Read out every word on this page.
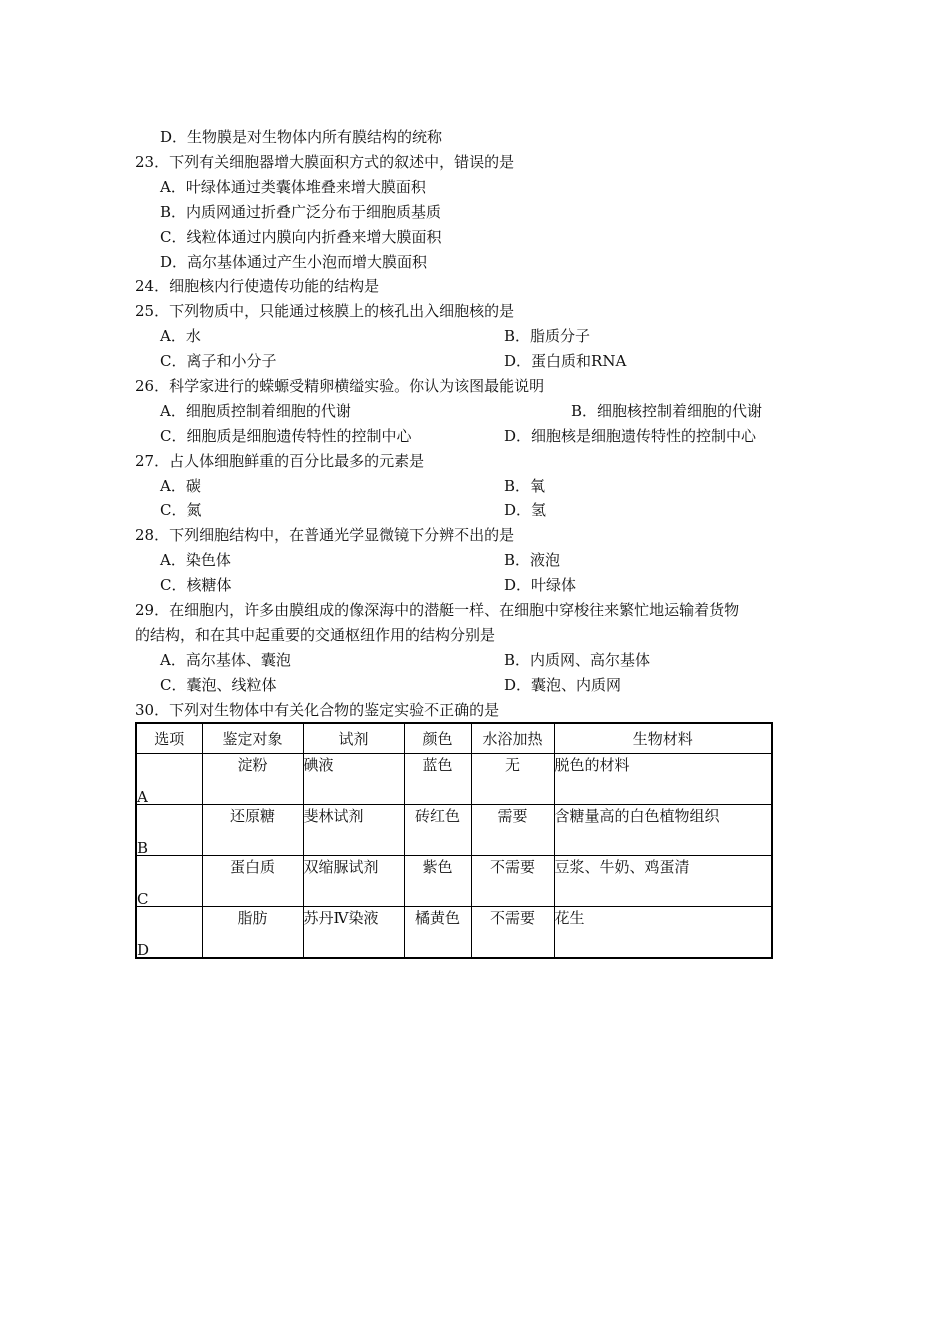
D．生物膜是对生物体内所有膜结构的统称
23．下列有关细胞器增大膜面积方式的叙述中，错误的是
A．叶绿体通过类囊体堆叠来增大膜面积
B．内质网通过折叠广泛分布于细胞质基质
C．线粒体通过内膜向内折叠来增大膜面积
D．高尔基体通过产生小泡而增大膜面积
24．细胞核内行使遗传功能的结构是
25．下列物质中，只能通过核膜上的核孔出入细胞核的是
A．水	B．脂质分子
C．离子和小分子	D．蛋白质和RNA
26．科学家进行的蝾螈受精卵横缢实验。你认为该图最能说明
A．细胞质控制着细胞的代谢	B．细胞核控制着细胞的代谢
C．细胞质是细胞遗传特性的控制中心	D．细胞核是细胞遗传特性的控制中心
27．占人体细胞鲜重的百分比最多的元素是
A．碳	B．氧
C．氮	D．氢
28．下列细胞结构中，在普通光学显微镜下分辨不出的是
A．染色体	B．液泡
C．核糖体	D．叶绿体
29．在细胞内，许多由膜组成的像深海中的潜艇一样、在细胞中穿梭往来繁忙地运输着货物
的结构，和在其中起重要的交通枢纽作用的结构分别是
A．高尔基体、囊泡	B．内质网、高尔基体
C．囊泡、线粒体	D．囊泡、内质网
30．下列对生物体中有关化合物的鉴定实验不正确的是
选项	鉴定对象	试剂	颜色	水浴加热	生物材料
A	淀粉	碘液	蓝色	无	脱色的材料
B	还原糖	斐林试剂	砖红色	需要	含糖量高的白色植物组织
C	蛋白质	双缩脲试剂	紫色	不需要	豆浆、牛奶、鸡蛋清
D	脂肪	苏丹Ⅳ染液	橘黄色	不需要	花生
